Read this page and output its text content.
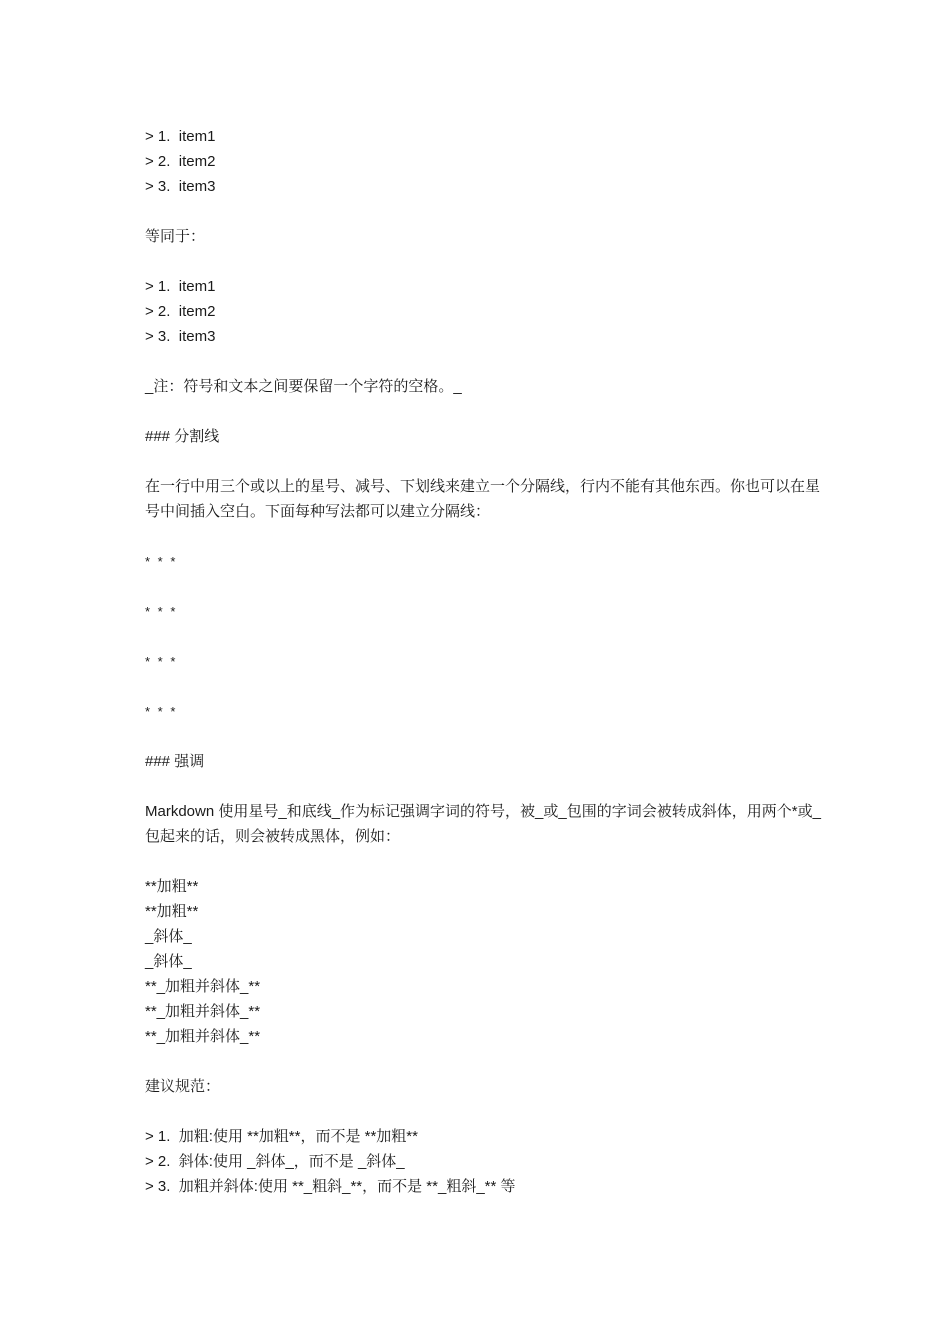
> 1.  item1
> 2.  item2
> 3.  item3
等同于：
> 1.  item1
> 2.  item2
> 3.  item3
_注：符号和文本之间要保留一个字符的空格。_
### 分割线
在一行中用三个或以上的星号、减号、下划线来建立一个分隔线，行内不能有其他东西。你也可以在星号中间插入空白。下面每种写法都可以建立分隔线：
* * *
* * *
* * *
* * *
### 强调
Markdown 使用星号_和底线_作为标记强调字词的符号，被_或_包围的字词会被转成斜体，用两个*或_包起来的话，则会被转成黑体，例如：
**加粗**
**加粗**
_斜体_
_斜体_
**_加粗并斜体_**
**_加粗并斜体_**
**_加粗并斜体_**
建议规范：
> 1.  加粗:使用 **加粗**，而不是 **加粗**
> 2.  斜体:使用 _斜体_，而不是 _斜体_
> 3.  加粗并斜体:使用 **_粗斜_**，而不是 **_粗斜_** 等
